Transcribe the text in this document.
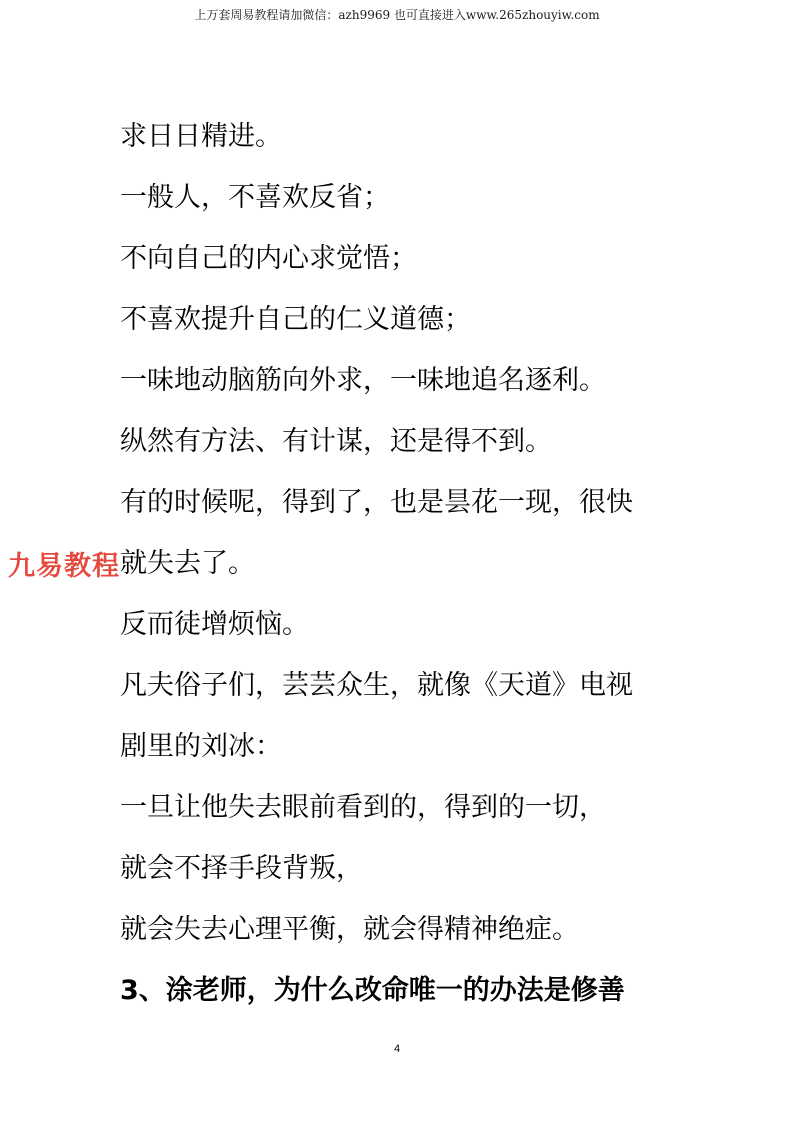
上万套周易教程请加微信：azh9969 也可直接进入www.265zhouyiw.com
求日日精进。
一般人，不喜欢反省；
不向自己的内心求觉悟；
不喜欢提升自己的仁义道德；
一味地动脑筋向外求，一味地追名逐利。
纵然有方法、有计谋，还是得不到。
有的时候呢，得到了，也是昙花一现，很快
就失去了。
反而徒增烦恼。
凡夫俗子们，芸芸众生，就像《天道》电视
剧里的刘冰：
一旦让他失去眼前看到的，得到的一切，
就会不择手段背叛，
就会失去心理平衡，就会得精神绝症。
3、涂老师，为什么改命唯一的办法是修善
九易教程
4
